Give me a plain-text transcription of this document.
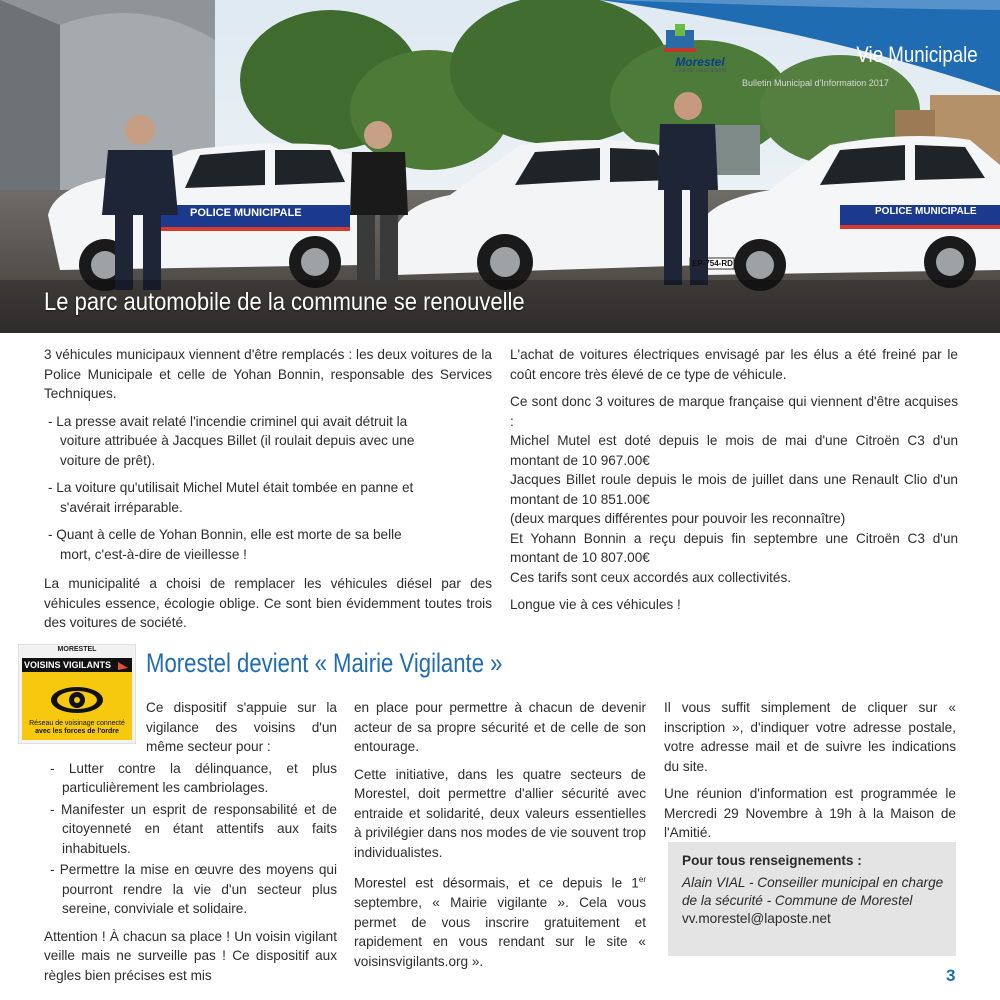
POLICE MUNICIPALE	POLICE MUNICIPALE
EP-754-RD
Morestel
L'avenir vous attend
Bulletin Municipal d'Information 2017
Vie Municipale
Le parc automobile de la commune se renouvelle

3 véhicules municipaux viennent d'être remplacés : les deux voitures de la Police Municipale et celle de Yohan Bonnin, responsable des Services Techniques.

- La presse avait relaté l'incendie criminel qui avait détruit la voiture attribuée à Jacques Billet (il roulait depuis avec une voiture de prêt).

- La voiture qu'utilisait Michel Mutel était tombée en panne et s'avérait irréparable.

- Quant à celle de Yohan Bonnin, elle est morte de sa belle mort, c'est-à-dire de vieillesse !

La municipalité a choisi de remplacer les véhicules diésel par des véhicules essence, écologie oblige. Ce sont bien évidemment toutes trois des voitures de société.

L'achat de voitures électriques envisagé par les élus a été freiné par le coût encore très élevé de ce type de véhicule.

Ce sont donc 3 voitures de marque française qui viennent d'être acquises :
Michel Mutel est doté depuis le mois de mai d'une Citroën C3 d'un montant de 10 967.00€
Jacques Billet roule depuis le mois de juillet dans une Renault Clio d'un montant de 10 851.00€
(deux marques différentes pour pouvoir les reconnaître)
Et Yohann Bonnin a reçu depuis fin septembre une Citroën C3 d'un montant de 10 807.00€
Ces tarifs sont ceux accordés aux collectivités.

Longue vie à ces véhicules !

MORESTEL
VOISINS VIGILANTS
Réseau de voisinage connecté
avec les forces de l'ordre
Morestel devient « Mairie Vigilante »

Ce dispositif s'appuie sur la vigilance des voisins d'un même secteur pour :

- Lutter contre la délinquance, et plus particulièrement les cambriolages.

- Manifester un esprit de responsabilité et de citoyenneté en étant attentifs aux faits inhabituels.

- Permettre la mise en œuvre des moyens qui pourront rendre la vie d'un secteur plus sereine, conviviale et solidaire.

Attention ! À chacun sa place ! Un voisin vigilant veille mais ne surveille pas ! Ce dispositif aux règles bien précises est mis

en place pour permettre à chacun de devenir acteur de sa propre sécurité et de celle de son entourage.

Cette initiative, dans les quatre secteurs de Morestel, doit permettre d'allier sécurité avec entraide et solidarité, deux valeurs essentielles à privilégier dans nos modes de vie souvent trop individualistes.

Morestel est désormais, et ce depuis le 1er septembre, « Mairie vigilante ». Cela vous permet de vous inscrire gratuitement et rapidement en vous rendant sur le site « voisinsvigilants.org ».

Il vous suffit simplement de cliquer sur « inscription », d'indiquer votre adresse postale, votre adresse mail et de suivre les indications du site.

Une réunion d'information est programmée le Mercredi 29 Novembre à 19h à la Maison de l'Amitié.

Pour tous renseignements :
Alain VIAL - Conseiller municipal en charge de la sécurité - Commune de Morestel
vv.morestel@laposte.net
3
